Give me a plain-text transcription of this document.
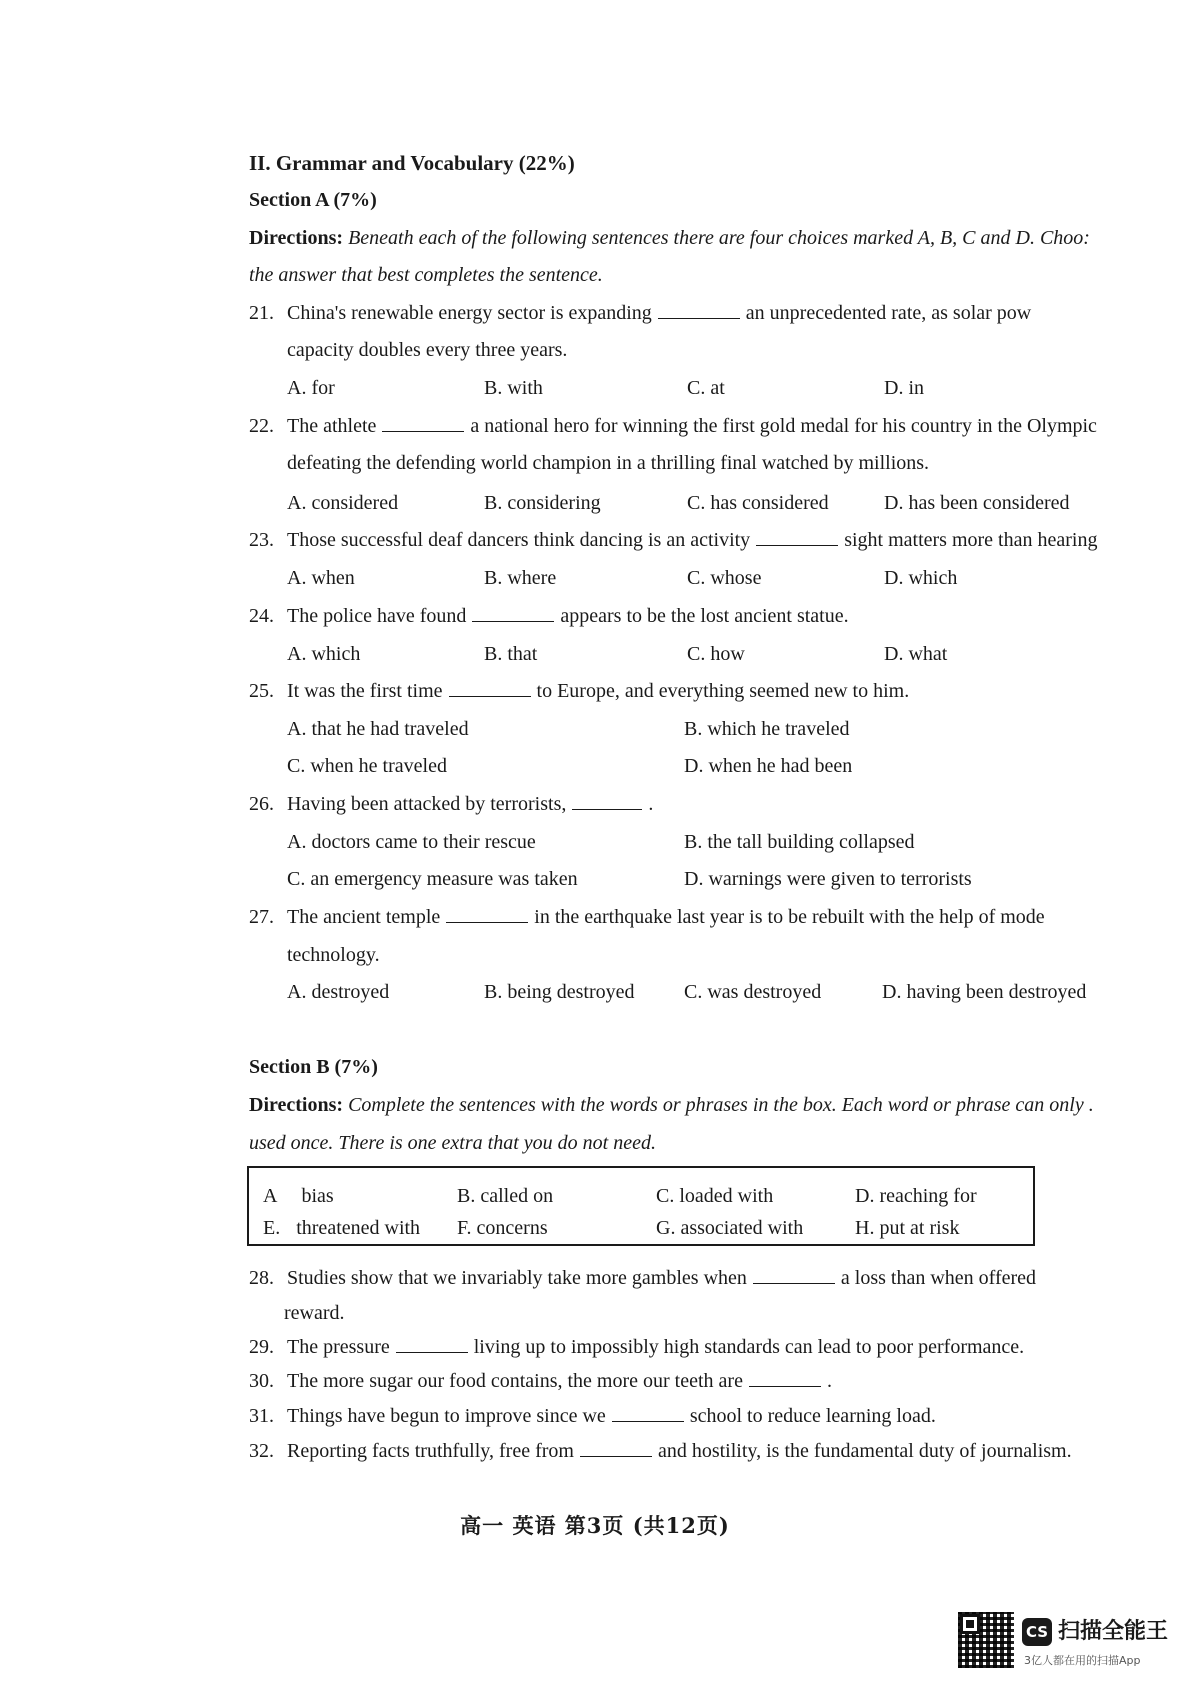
II. Grammar and Vocabulary (22%)
Section A (7%)
Directions: Beneath each of the following sentences there are four choices marked A, B, C and D. Choo:
the answer that best completes the sentence.
21. China's renewable energy sector is expanding	an unprecedented rate, as solar pow
capacity doubles every three years.
A. for	B. with	C. at	D. in
22. The athlete	a national hero for winning the first gold medal for his country in the Olympic
defeating the defending world champion in a thrilling final watched by millions.
A. considered	B. considering	C. has considered	D. has been considered
23. Those successful deaf dancers think dancing is an activity	sight matters more than hearing
A. when	B. where	C. whose	D. which
24. The police have found	appears to be the lost ancient statue.
A. which	B. that	C. how	D. what
25. It was the first time	to Europe, and everything seemed new to him.
A. that he had traveled	B. which he traveled
C. when he traveled	D. when he had been
26. Having been attacked by terrorists,	.
A. doctors came to their rescue	B. the tall building collapsed
C. an emergency measure was taken	D. warnings were given to terrorists
27. The ancient temple	in the earthquake last year is to be rebuilt with the help of mode
technology.
A. destroyed	B. being destroyed C. was destroyed	D. having been destroyed
Section B (7%)
Directions: Complete the sentences with the words or phrases in the box. Each word or phrase can only .
used once. There is one extra that you do not need.
A bias	B. called on	C. loaded with	D. reaching for
E. threatened with F. concerns	G. associated with	H. put at risk
28. Studies show that we invariably take more gambles when	a loss than when offered
reward.
29. The pressure	living up to impossibly high standards can lead to poor performance.
30. The more sugar our food contains, the more our teeth are	.
31. Things have begun to improve since we	school to reduce learning load.
32. Reporting facts truthfully, free from	and hostility, is the fundamental duty of journalism.
高一 英语 第3页 (共12页)
CS 扫描全能王
3亿人都在用的扫描App
